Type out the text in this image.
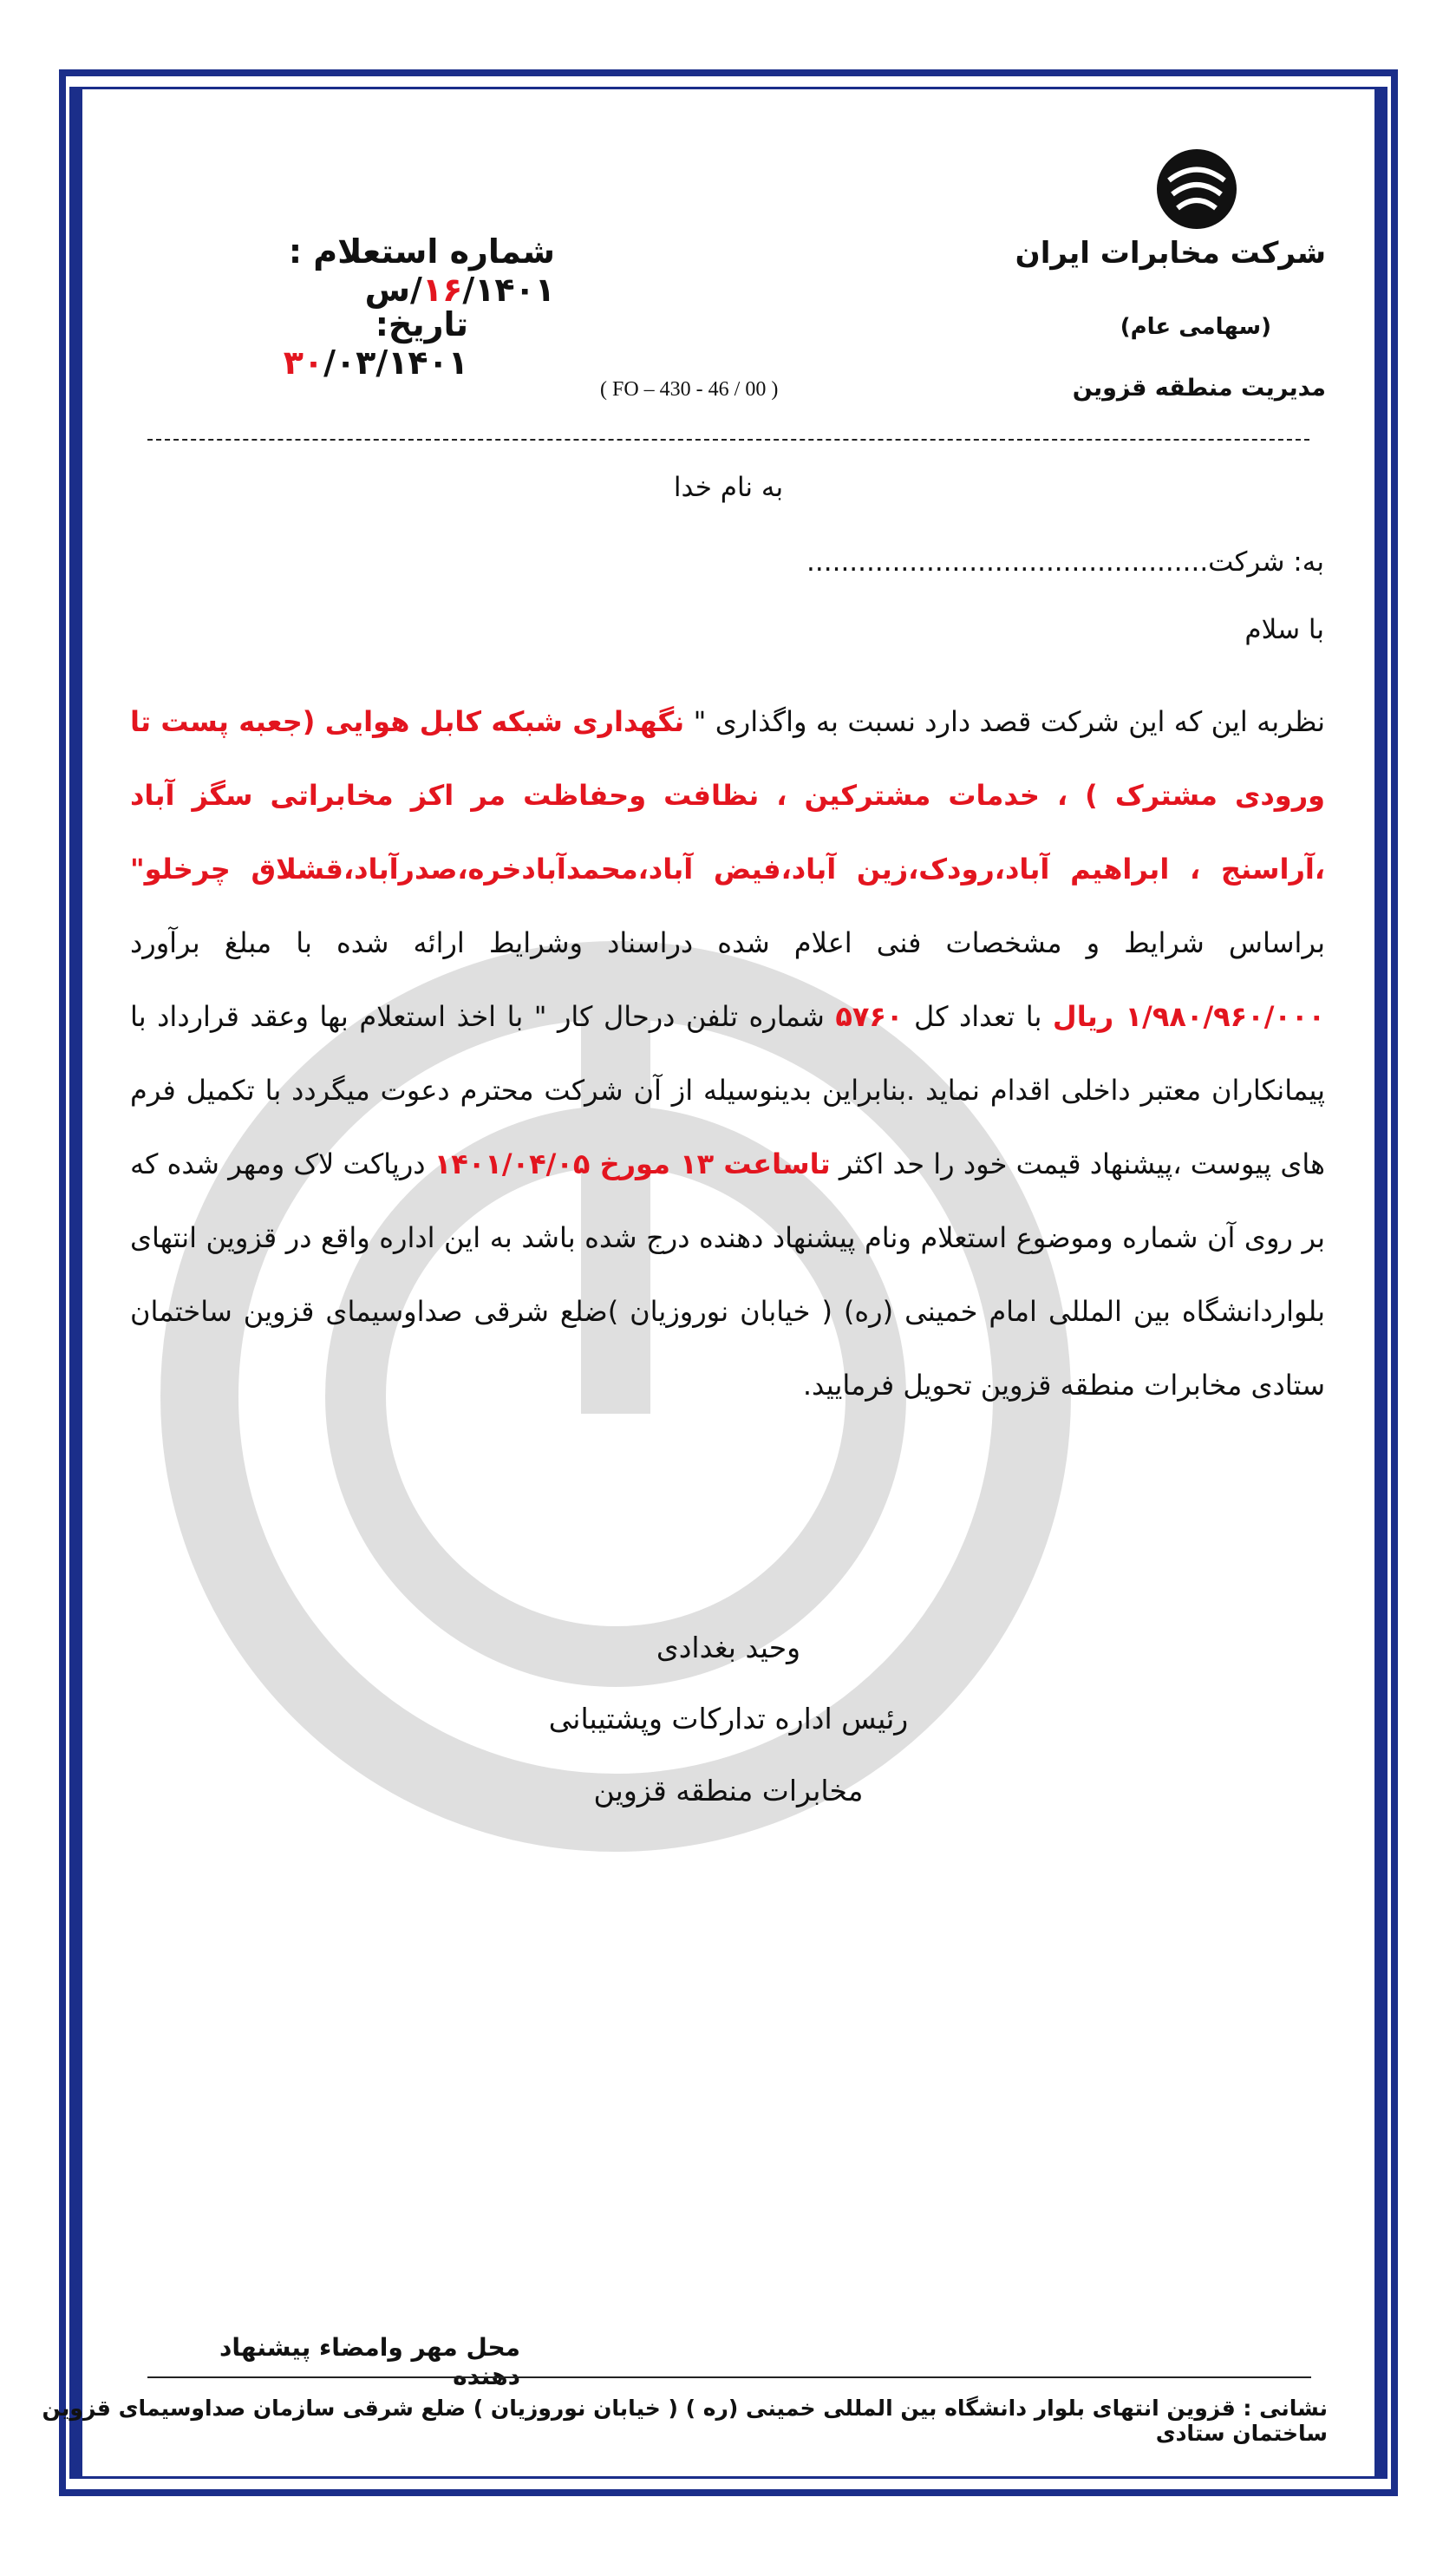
شرکت مخابرات ایران
(سهامی عام)
مدیریت منطقه قزوین
شماره استعلام : ۱۶/۱۴۰۱/س
تاریخ: ۳۰/۰۳/۱۴۰۱
( FO – 430 - 46 / 00 )
به نام خدا
به: شرکت...............................................
با سلام
نظربه این که این شرکت قصد دارد نسبت به واگذاری " نگهداری شبکه کابل هوایی (جعبه پست تا ورودی مشترک ) ، خدمات مشترکین ، نظافت وحفاظت مر اکز مخابراتی سگز آباد ،آراسنج ، ابراهیم آباد،رودک،زین آباد،فیض آباد،محمدآبادخره،صدرآباد،قشلاق چرخلو" براساس شرایط و مشخصات فنی اعلام شده دراسناد وشرایط ارائه شده با مبلغ برآورد ۱/۹۸۰/۹۶۰/۰۰۰ ریال با تعداد کل ۵۷۶۰ شماره تلفن درحال کار " با اخذ استعلام بها وعقد قرارداد با پیمانکاران معتبر داخلی اقدام نماید .بنابراین بدینوسیله از آن شرکت محترم دعوت میگردد با تکمیل فرم های پیوست ،پیشنهاد قیمت خود را حد اکثر تاساعت ۱۳ مورخ ۱۴۰۱/۰۴/۰۵ درپاکت لاک ومهر شده که بر روی آن شماره وموضوع استعلام ونام پیشنهاد دهنده درج شده باشد به این اداره واقع در قزوین انتهای بلواردانشگاه بین المللی امام خمینی (ره) ( خیابان نوروزیان )ضلع شرقی صداوسیمای قزوین ساختمان ستادی مخابرات منطقه قزوین تحویل فرمایید.
وحید بغدادی
رئیس اداره تدارکات وپشتیبانی
مخابرات منطقه قزوین
محل مهر وامضاء پیشنهاد دهنده
نشانی : قزوین انتهای بلوار دانشگاه بین المللی خمینی (ره ) ( خیابان نوروزیان ) ضلع شرقی سازمان صداوسیمای قزوین ساختمان ستادی
